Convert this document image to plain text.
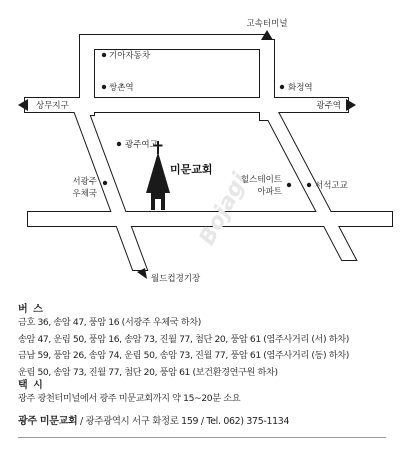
Bojagi
고속터미널
기아자동차
쌍촌역	화정역
상무지구	광주역
광주여고
서광주
우체국
힐스테이트
아파트
서석고교
월드컵경기장
미문교회
버 스
금호 36, 송암 47, 풍암 16 (서광주 우체국 하차)
송암 47, 운림 50, 풍암 16, 송암 73, 진월 77, 첨단 20, 풍암 61 (염주사거리 (서) 하차)
금남 59, 풍암 26, 송암 74, 운림 50, 송암 73, 진월 77, 풍암 61 (염주사거리 (동) 하차)
운림 50, 송암 73, 진월 77, 첨단 20, 풍암 61 (보건환경연구원 하차)
택 시
광주 광천터미널에서 광주 미문교회까지 약 15~20분 소요
광주 미문교회 / 광주광역시 서구 화정로 159 / Tel. 062) 375-1134
